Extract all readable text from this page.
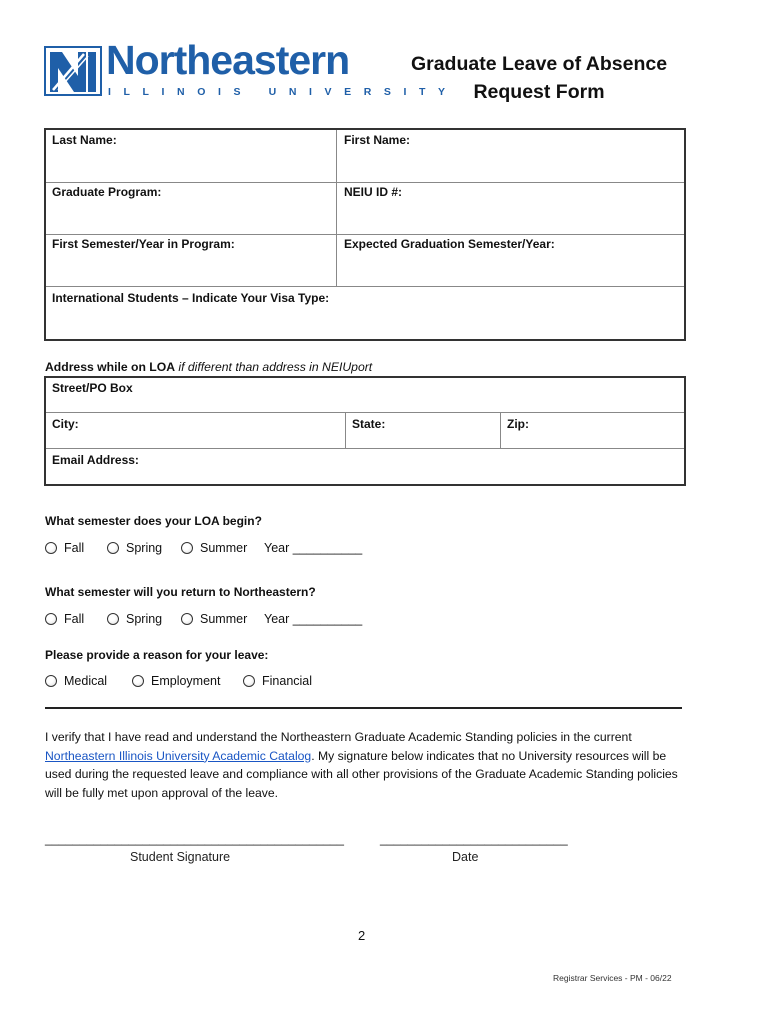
Northeastern
ILLINOIS UNIVERSITY
Graduate Leave of Absence
Request Form
Last Name:	First Name:
Graduate Program:	NEIU ID #:
First Semester/Year in Program:	Expected Graduation Semester/Year:
International Students – Indicate Your Visa Type:
Address while on LOA if different than address in NEIUport
Street/PO Box
City:	State:	Zip:
Email Address:
What semester does your LOA begin?
Fall	Spring	Summer Year __________
What semester will you return to Northeastern?
Fall	Spring	Summer Year __________
Please provide a reason for your leave:
Medical	Employment	Financial
I verify that I have read and understand the Northeastern Graduate Academic Standing policies in the current Northeastern Illinois University Academic Catalog. My signature below indicates that no University resources will be used during the requested leave and compliance with all other provisions of the Graduate Academic Standing policies will be fully met upon approval of the leave.
___________________________________________
Student Signature
___________________________
Date
2
Registrar Services - PM - 06/22
